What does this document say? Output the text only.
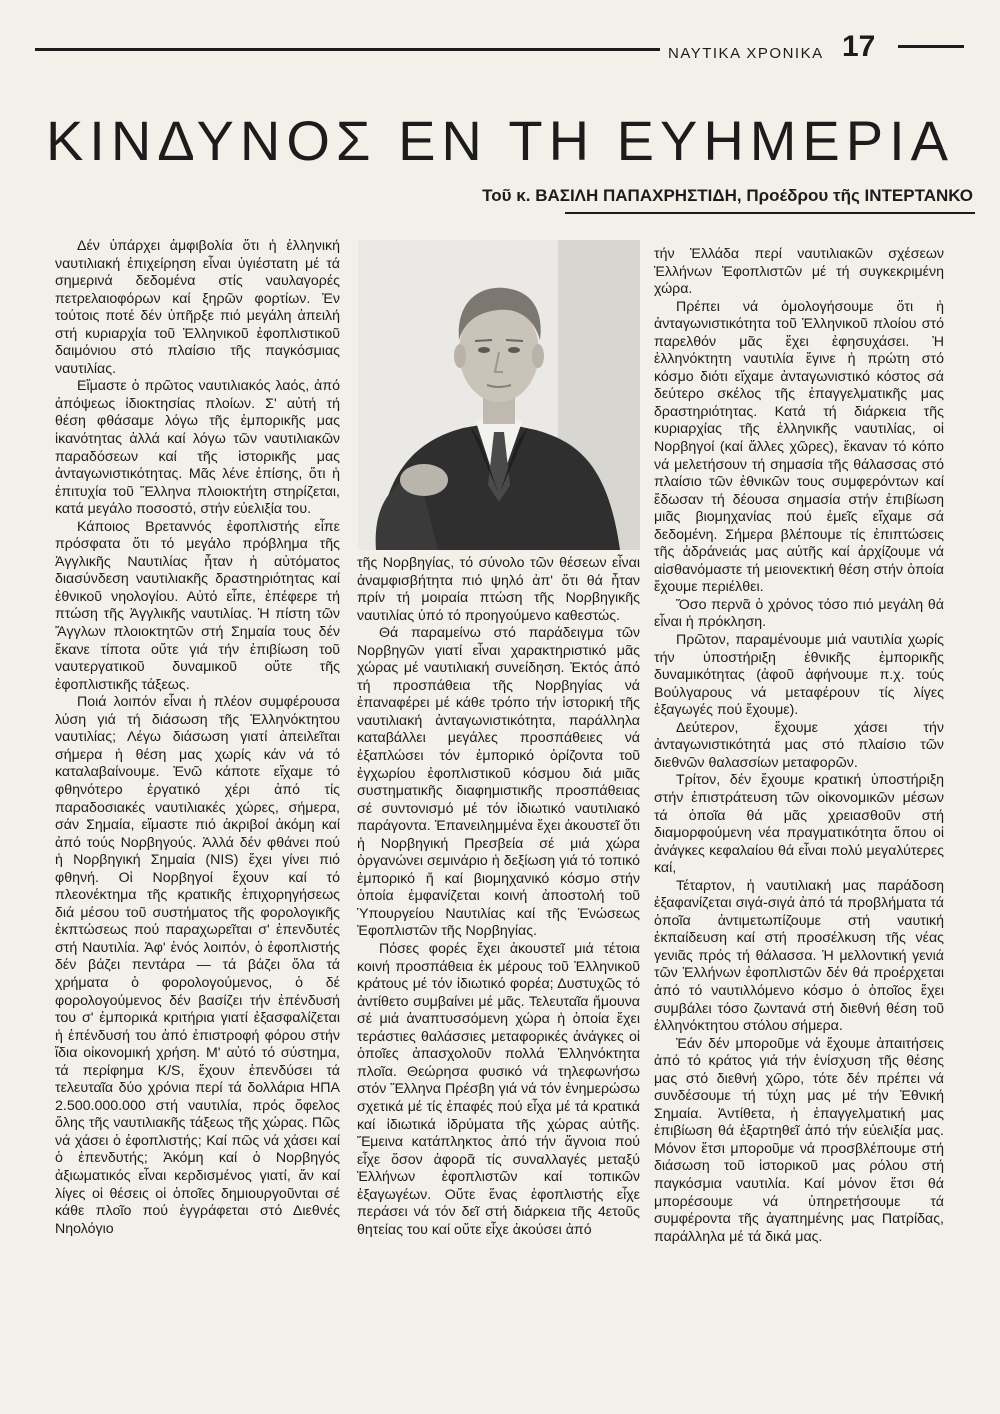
ΝΑΥΤΙΚΑ ΧΡΟΝΙΚΑ 17
ΚΙΝΔΥΝΟΣ ΕΝ ΤΗ ΕΥΗΜΕΡΙΑ
Τοῦ κ. ΒΑΣΙΛΗ ΠΑΠΑΧΡΗΣΤΙΔΗ, Προέδρου τῆς ΙΝΤΕΡΤΑΝΚΟ

Δέν ὑπάρχει ἀμφιβολία ὅτι ἡ ἑλληνική ναυτιλιακή ἐπιχείρηση εἶναι ὑγιέστατη μέ τά σημερινά δεδομένα στίς ναυλαγορές πετρελαιοφόρων καί ξηρῶν φορτίων. Ἐν τούτοις ποτέ δέν ὑπῆρξε πιό μεγάλη ἀπειλή στή κυριαρχία τοῦ Ἑλληνικοῦ ἐφοπλιστικοῦ δαιμόνιου στό πλαίσιο τῆς παγκόσμιας ναυτιλίας.

Εἴμαστε ὁ πρῶτος ναυτιλιακός λαός, ἀπό ἀπόψεως ἰδιοκτησίας πλοίων. Σ' αὐτή τή θέση φθάσαμε λόγω τῆς ἐμπορικῆς μας ἱκανότητας ἀλλά καί λόγω τῶν ναυτιλιακῶν παραδόσεων καί τῆς ἱστορικῆς μας ἀνταγωνιστικότητας. Μᾶς λένε ἐπίσης, ὅτι ἡ ἐπιτυχία τοῦ Ἕλληνα πλοιοκτήτη στηρίζεται, κατά μεγάλο ποσοστό, στήν εὐελιξία του.

Κάποιος Βρεταννός ἐφοπλιστής εἶπε πρόσφατα ὅτι τό μεγάλο πρόβλημα τῆς Ἀγγλικῆς Ναυτιλίας ἦταν ἡ αὐτόματος διασύνδεση ναυτιλιακῆς δραστηριότητας καί ἐθνικοῦ νηολογίου. Αὐτό εἶπε, ἐπέφερε τή πτώση τῆς Ἀγγλικῆς ναυτιλίας. Ἡ πίστη τῶν Ἄγγλων πλοιοκτητῶν στή Σημαία τους δέν ἔκανε τίποτα οὔτε γιά τήν ἐπιβίωση τοῦ ναυτεργατικοῦ δυναμικοῦ οὔτε τῆς ἐφοπλιστικῆς τάξεως.

Ποιά λοιπόν εἶναι ἡ πλέον συμφέρουσα λύση γιά τή διάσωση τῆς Ἑλληνόκτητου ναυτιλίας; Λέγω διάσωση γιατί ἀπειλεῖται σήμερα ἡ θέση μας χωρίς κάν νά τό καταλαβαίνουμε. Ἐνῶ κάποτε εἴχαμε τό φθηνότερο ἐργατικό χέρι ἀπό τίς παραδοσιακές ναυτιλιακές χώρες, σήμερα, σάν Σημαία, εἴμαστε πιό ἀκριβοί ἀκόμη καί ἀπό τούς Νορβηγούς. Ἀλλά δέν φθάνει πού ἡ Νορβηγική Σημαία (NIS) ἔχει γίνει πιό φθηνή. Οἱ Νορβηγοί ἔχουν καί τό πλεονέκτημα τῆς κρατικῆς ἐπιχορηγήσεως διά μέσου τοῦ συστήματος τῆς φορολογικῆς ἐκπτώσεως πού παραχωρεῖται σ' ἐπενδυτές στή Ναυτιλία. Ἀφ' ἑνός λοιπόν, ὁ ἐφοπλιστής δέν βάζει πεντάρα — τά βάζει ὅλα τά χρήματα ὁ φορολογούμενος, ὁ δέ φορολογούμενος δέν βασίζει τήν ἐπένδυσή του σ' ἐμπορικά κριτήρια γιατί ἐξασφαλίζεται ἡ ἐπένδυσή του ἀπό ἐπιστροφή φόρου στήν ἴδια οἰκονομική χρήση. Μ' αὐτό τό σύστημα, τά περίφημα K/S, ἔχουν ἐπενδύσει τά τελευταῖα δύο χρόνια περί τά δολλάρια ΗΠΑ 2.500.000.000 στή ναυτιλία, πρός ὄφελος ὅλης τῆς ναυτιλιακῆς τάξεως τῆς χώρας. Πῶς νά χάσει ὁ ἐφοπλιστής; Καί πῶς νά χάσει καί ὁ ἐπενδυτής; Ἀκόμη καί ὁ Νορβηγός ἀξιωματικός εἶναι κερδισμένος γιατί, ἄν καί λίγες οἱ θέσεις οἱ ὁποῖες δημιουργοῦνται σέ κάθε πλοῖο πού ἐγγράφεται στό Διεθνές Νηολόγιο

τῆς Νορβηγίας, τό σύνολο τῶν θέσεων εἶναι ἀναμφισβήτητα πιό ψηλό ἀπ' ὅτι θά ἦταν πρίν τή μοιραία πτώση τῆς Νορβηγικῆς ναυτιλίας ὑπό τό προηγούμενο καθεστώς.

Θά παραμείνω στό παράδειγμα τῶν Νορβηγῶν γιατί εἶναι χαρακτηριστικό μᾶς χώρας μέ ναυτιλιακή συνείδηση. Ἐκτός ἀπό τή προσπάθεια τῆς Νορβηγίας νά ἐπαναφέρει μέ κάθε τρόπο τήν ἱστορική τῆς ναυτιλιακή ἀνταγωνιστικότητα, παράλληλα καταβάλλει μεγάλες προσπάθειες νά ἐξαπλώσει τόν ἐμπορικό ὁρίζοντα τοῦ ἐγχωρίου ἐφοπλιστικοῦ κόσμου διά μιᾶς συστηματικῆς διαφημιστικῆς προσπάθειας σέ συντονισμό μέ τόν ἰδιωτικό ναυτιλιακό παράγοντα. Ἐπανειλημμένα ἔχει ἀκουστεῖ ὅτι ἡ Νορβηγική Πρεσβεία σέ μιά χώρα ὀργανώνει σεμινάριο ἡ δεξίωση γιά τό τοπικό ἐμπορικό ἤ καί βιομηχανικό κόσμο στήν ὁποία ἐμφανίζεται κοινή ἀποστολή τοῦ Ὑπουργείου Ναυτιλίας καί τῆς Ἑνώσεως Ἐφοπλιστῶν τῆς Νορβηγίας.

Πόσες φορές ἔχει ἀκουστεῖ μιά τέτοια κοινή προσπάθεια ἐκ μέρους τοῦ Ἑλληνικοῦ κράτους μέ τόν ἰδιωτικό φορέα; Δυστυχῶς τό ἀντίθετο συμβαίνει μέ μᾶς. Τελευταῖα ἤμουνα σέ μιά ἀναπτυσσόμενη χώρα ἡ ὁποία ἔχει τεράστιες θαλάσσιες μεταφορικές ἀνάγκες οἱ ὁποῖες ἀπασχολοῦν πολλά Ἑλληνόκτητα πλοῖα. Θεώρησα φυσικό νά τηλεφωνήσω στόν Ἕλληνα Πρέσβη γιά νά τόν ἐνημερώσω σχετικά μέ τίς ἐπαφές πού εἶχα μέ τά κρατικά καί ἰδιωτικά ἱδρύματα τῆς χώρας αὐτῆς. Ἔμεινα κατάπληκτος ἀπό τήν ἄγνοια πού εἶχε ὅσον ἀφορᾶ τίς συναλλαγές μεταξύ Ἑλλήνων ἐφοπλιστῶν καί τοπικῶν ἐξαγωγέων. Οὔτε ἕνας ἐφοπλιστής εἶχε περάσει νά τόν δεῖ στή διάρκεια τῆς 4ετοῦς θητείας του καί οὔτε εἶχε ἀκούσει ἀπό

τήν Ἑλλάδα περί ναυτιλιακῶν σχέσεων Ἑλλήνων Ἐφοπλιστῶν μέ τή συγκεκριμένη χώρα.

Πρέπει νά ὁμολογήσουμε ὅτι ἡ ἀνταγωνιστικότητα τοῦ Ἑλληνικοῦ πλοίου στό παρελθόν μᾶς ἔχει ἐφησυχάσει. Ἡ ἑλληνόκτητη ναυτιλία ἔγινε ἡ πρώτη στό κόσμο διότι εἴχαμε ἀνταγωνιστικό κόστος σά δεύτερο σκέλος τῆς ἐπαγγελματικῆς μας δραστηριότητας. Κατά τή διάρκεια τῆς κυριαρχίας τῆς ἑλληνικῆς ναυτιλίας, οἱ Νορβηγοί (καί ἄλλες χῶρες), ἔκαναν τό κόπο νά μελετήσουν τή σημασία τῆς θάλασσας στό πλαίσιο τῶν ἐθνικῶν τους συμφερόντων καί ἔδωσαν τή δέουσα σημασία στήν ἐπιβίωση μιᾶς βιομηχανίας πού ἐμεῖς εἴχαμε σά δεδομένη. Σήμερα βλέπουμε τίς ἐπιπτώσεις τῆς ἀδράνειάς μας αὐτῆς καί ἀρχίζουμε νά αἰσθανόμαστε τή μειονεκτική θέση στήν ὁποία ἔχουμε περιέλθει.

Ὅσο περνᾶ ὁ χρόνος τόσο πιό μεγάλη θά εἶναι ἡ πρόκληση.

Πρῶτον, παραμένουμε μιά ναυτιλία χωρίς τήν ὑποστήριξη ἐθνικῆς ἐμπορικῆς δυναμικότητας (ἀφοῦ ἀφήνουμε π.χ. τούς Βούλγαρους νά μεταφέρουν τίς λίγες ἐξαγωγές πού ἔχουμε).

Δεύτερον, ἔχουμε χάσει τήν ἀνταγωνιστικότητά μας στό πλαίσιο τῶν διεθνῶν θαλασσίων μεταφορῶν.

Τρίτον, δέν ἔχουμε κρατική ὑποστήριξη στήν ἐπιστράτευση τῶν οἰκονομικῶν μέσων τά ὁποῖα θά μᾶς χρειασθοῦν στή διαμορφούμενη νέα πραγματικότητα ὅπου οἱ ἀνάγκες κεφαλαίου θά εἶναι πολύ μεγαλύτερες καί,

Τέταρτον, ἡ ναυτιλιακή μας παράδοση ἐξαφανίζεται σιγά-σιγά ἀπό τά προβλήματα τά ὁποῖα ἀντιμετωπίζουμε στή ναυτική ἐκπαίδευση καί στή προσέλκυση τῆς νέας γενιᾶς πρός τή θάλασσα. Ἡ μελλοντική γενιά τῶν Ἑλλήνων ἐφοπλιστῶν δέν θά προέρχεται ἀπό τό ναυτιλλόμενο κόσμο ὁ ὁποῖος ἔχει συμβάλει τόσο ζωντανά στή διεθνή θέση τοῦ ἑλληνόκτητου στόλου σήμερα.

Ἐάν δέν μποροῦμε νά ἔχουμε ἀπαιτήσεις ἀπό τό κράτος γιά τήν ἐνίσχυση τῆς θέσης μας στό διεθνή χῶρο, τότε δέν πρέπει νά συνδέσουμε τή τύχη μας μέ τήν Ἐθνική Σημαία. Ἀντίθετα, ἡ ἐπαγγελματική μας ἐπιβίωση θά ἐξαρτηθεῖ ἀπό τήν εὐελιξία μας. Μόνον ἔτσι μποροῦμε νά προσβλέπουμε στή διάσωση τοῦ ἱστορικοῦ μας ρόλου στή παγκόσμια ναυτιλία. Καί μόνον ἔτσι θά μπορέσουμε νά ὑπηρετήσουμε τά συμφέροντα τῆς ἀγαπημένης μας Πατρίδας, παράλληλα μέ τά δικά μας.
